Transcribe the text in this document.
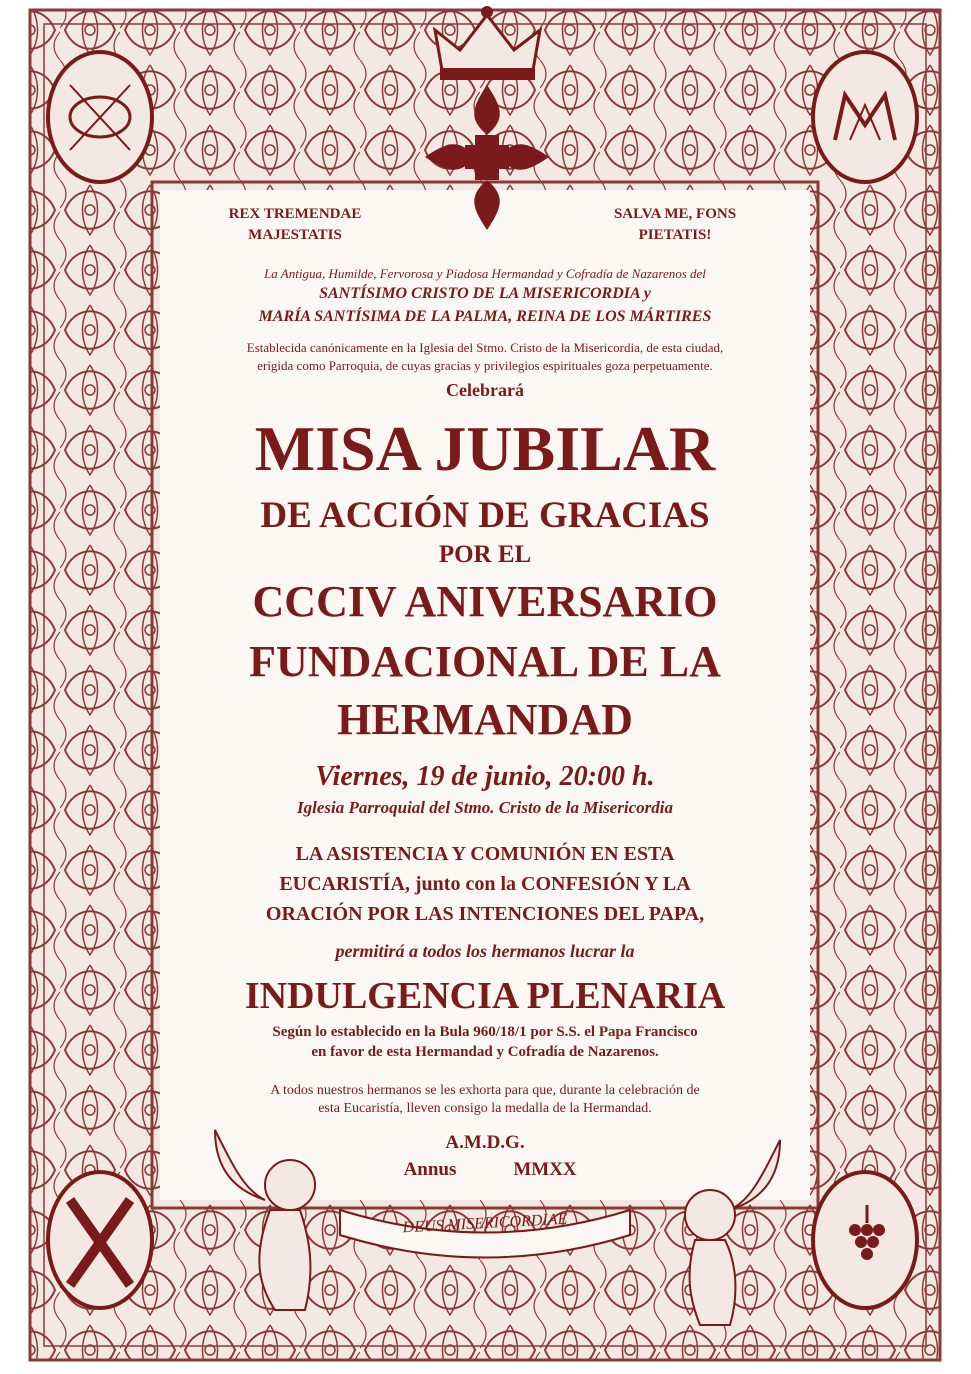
DEUS MISERICORDIAE
REX TREMENDAE
MAJESTATIS
SALVA ME, FONS
PIETATIS!
La Antigua, Humilde, Fervorosa y Piadosa Hermandad y Cofradía de Nazarenos del
SANTÍSIMO CRISTO DE LA MISERICORDIA y
MARÍA SANTÍSIMA DE LA PALMA, REINA DE LOS MÁRTIRES
Establecida canónicamente en la Iglesia del Stmo. Cristo de la Misericordia, de esta ciudad,
erigida como Parroquia, de cuyas gracias y privilegios espirituales goza perpetuamente.
Celebrará
MISA JUBILAR
DE ACCIÓN DE GRACIAS
POR EL
CCCIV ANIVERSARIO
FUNDACIONAL DE LA
HERMANDAD
Viernes, 19 de junio, 20:00 h.
Iglesia Parroquial del Stmo. Cristo de la Misericordia
LA ASISTENCIA Y COMUNIÓN EN ESTA
EUCARISTÍA, junto con la CONFESIÓN Y LA
ORACIÓN POR LAS INTENCIONES DEL PAPA,
permitirá a todos los hermanos lucrar la
INDULGENCIA PLENARIA
Según lo establecido en la Bula 960/18/1 por S.S. el Papa Francisco
en favor de esta Hermandad y Cofradía de Nazarenos.
A todos nuestros hermanos se les exhorta para que, durante la celebración de
esta Eucaristía, lleven consigo la medalla de la Hermandad.
A.M.D.G.
Annus	MMXX
